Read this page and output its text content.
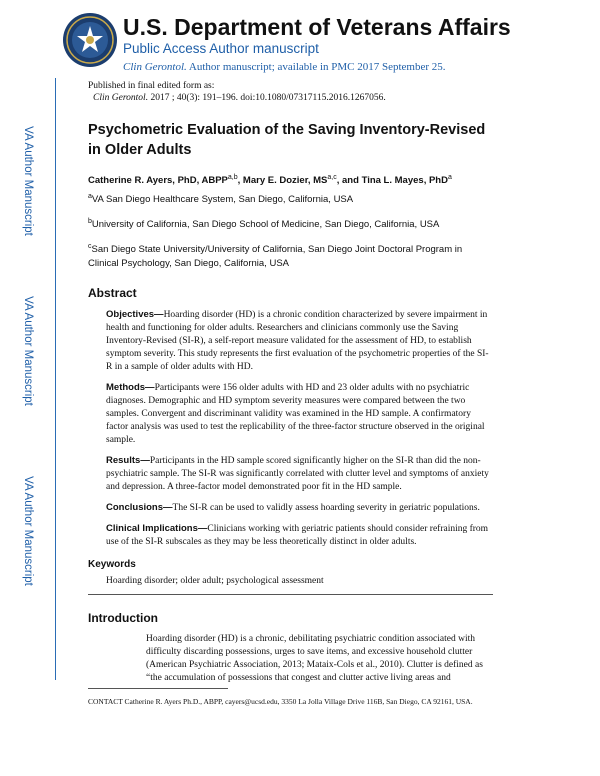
VA Author Manuscript
VA Author Manuscript
VA Author Manuscript
U.S. Department of Veterans Affairs
Public Access Author manuscript
Clin Gerontol. Author manuscript; available in PMC 2017 September 25.
Published in final edited form as:
Clin Gerontol. 2017 ; 40(3): 191–196. doi:10.1080/07317115.2016.1267056.
Psychometric Evaluation of the Saving Inventory-Revised in Older Adults
Catherine R. Ayers, PhD, ABPP$^{a,b}$, Mary E. Dozier, MS$^{a,c}$, and Tina L. Mayes, PhD$^a$
$^a$VA San Diego Healthcare System, San Diego, California, USA
$^b$University of California, San Diego School of Medicine, San Diego, California, USA
$^c$San Diego State University/University of California, San Diego Joint Doctoral Program in Clinical Psychology, San Diego, California, USA
Abstract
Objectives—Hoarding disorder (HD) is a chronic condition characterized by severe impairment in health and functioning for older adults. Researchers and clinicians commonly use the Saving Inventory-Revised (SI-R), a self-report measure validated for the assessment of HD, to establish symptom severity. This study represents the first evaluation of the psychometric properties of the SI-R in a sample of older adults with HD.
Methods—Participants were 156 older adults with HD and 23 older adults with no psychiatric diagnoses. Demographic and HD symptom severity measures were compared between the two samples. Convergent and discriminant validity was examined in the HD sample. A confirmatory factor analysis was used to test the replicability of the three-factor structure observed in the original sample.
Results—Participants in the HD sample scored significantly higher on the SI-R than did the non-psychiatric sample. The SI-R was significantly correlated with clutter level and symptoms of anxiety and depression. A three-factor model demonstrated poor fit in the HD sample.
Conclusions—The SI-R can be used to validly assess hoarding severity in geriatric populations.
Clinical Implications—Clinicians working with geriatric patients should consider refraining from use of the SI-R subscales as they may be less theoretically distinct in older adults.
Keywords
Hoarding disorder; older adult; psychological assessment
Introduction
Hoarding disorder (HD) is a chronic, debilitating psychiatric condition associated with difficulty discarding possessions, urges to save items, and excessive household clutter (American Psychiatric Association, 2013; Mataix-Cols et al., 2010). Clutter is defined as “the accumulation of possessions that congest and clutter active living areas and
CONTACT Catherine R. Ayers Ph.D., ABPP, cayers@ucsd.edu, 3350 La Jolla Village Drive 116B, San Diego, CA 92161, USA.
